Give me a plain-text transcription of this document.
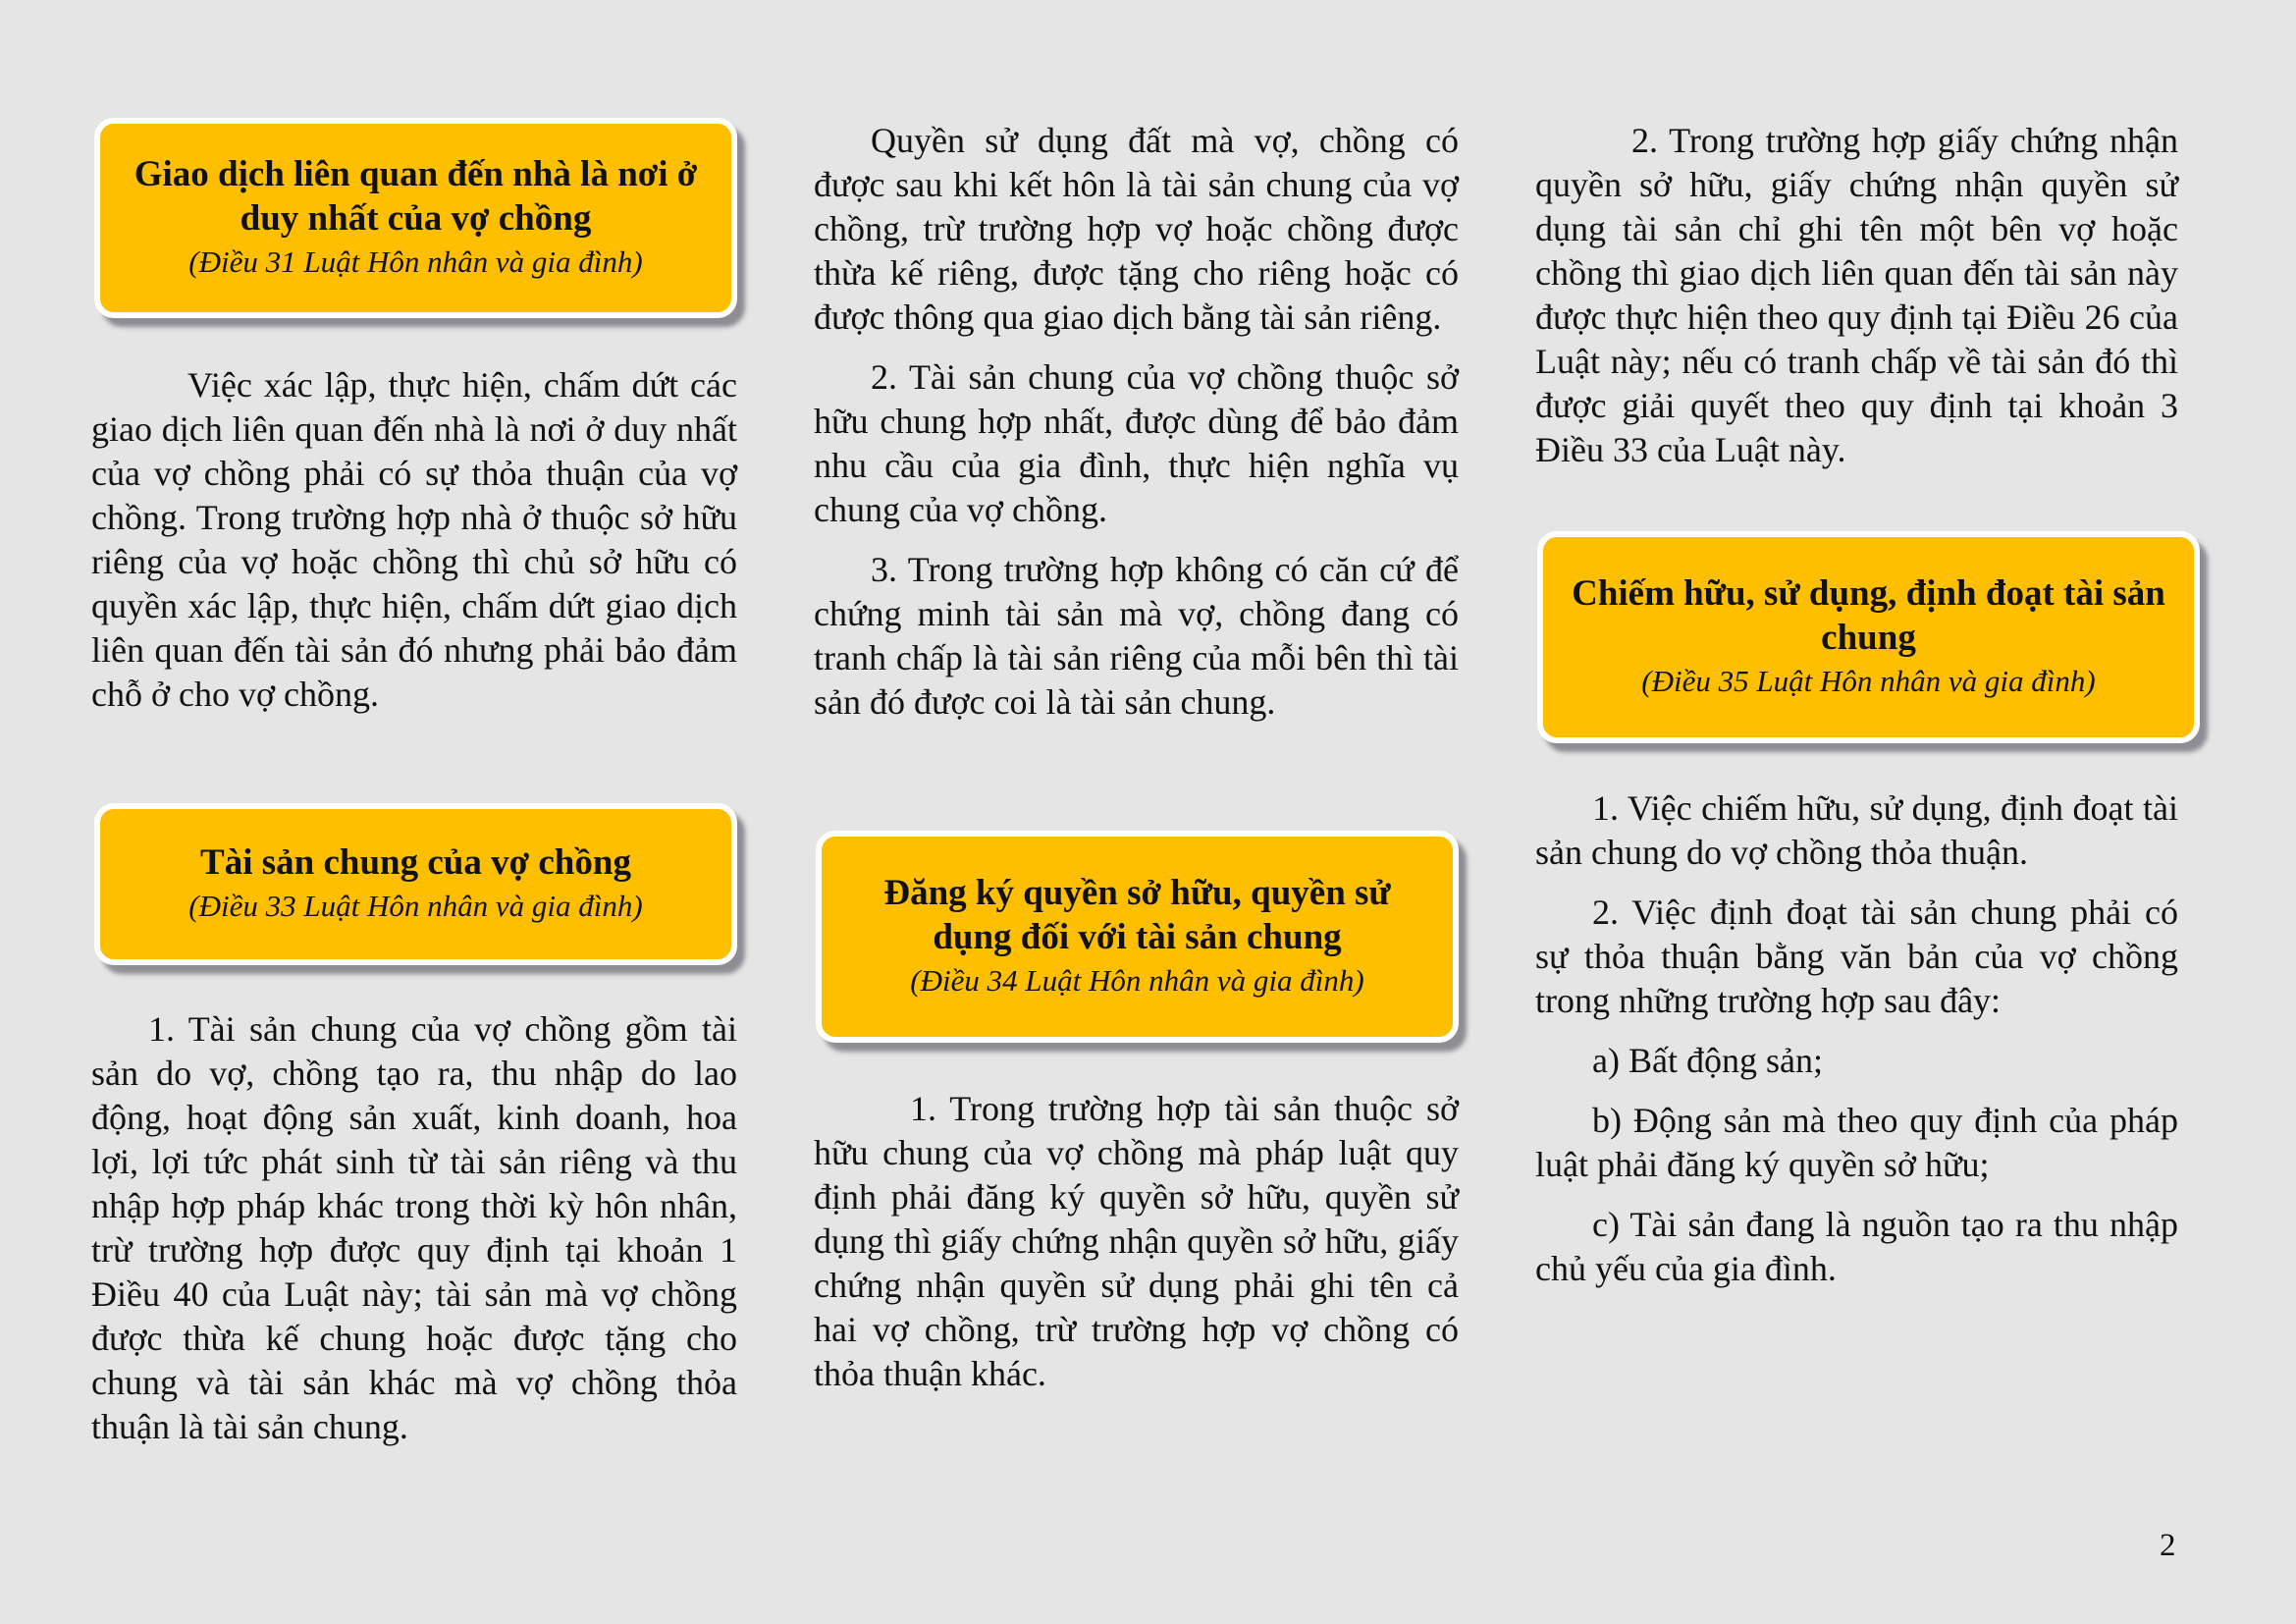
Giao dịch liên quan đến nhà là nơi ở duy nhất của vợ chồng
(Điều 31 Luật Hôn nhân và gia đình)

Việc xác lập, thực hiện, chấm dứt các giao dịch liên quan đến nhà là nơi ở duy nhất của vợ chồng phải có sự thỏa thuận của vợ chồng. Trong trường hợp nhà ở thuộc sở hữu riêng của vợ hoặc chồng thì chủ sở hữu có quyền xác lập, thực hiện, chấm dứt giao dịch liên quan đến tài sản đó nhưng phải bảo đảm chỗ ở cho vợ chồng.

Tài sản chung của vợ chồng
(Điều 33 Luật Hôn nhân và gia đình)

1. Tài sản chung của vợ chồng gồm tài sản do vợ, chồng tạo ra, thu nhập do lao động, hoạt động sản xuất, kinh doanh, hoa lợi, lợi tức phát sinh từ tài sản riêng và thu nhập hợp pháp khác trong thời kỳ hôn nhân, trừ trường hợp được quy định tại khoản 1 Điều 40 của Luật này; tài sản mà vợ chồng được thừa kế chung hoặc được tặng cho chung và tài sản khác mà vợ chồng thỏa thuận là tài sản chung.

Quyền sử dụng đất mà vợ, chồng có được sau khi kết hôn là tài sản chung của vợ chồng, trừ trường hợp vợ hoặc chồng được thừa kế riêng, được tặng cho riêng hoặc có được thông qua giao dịch bằng tài sản riêng.

2. Tài sản chung của vợ chồng thuộc sở hữu chung hợp nhất, được dùng để bảo đảm nhu cầu của gia đình, thực hiện nghĩa vụ chung của vợ chồng.

3. Trong trường hợp không có căn cứ để chứng minh tài sản mà vợ, chồng đang có tranh chấp là tài sản riêng của mỗi bên thì tài sản đó được coi là tài sản chung.

Đăng ký quyền sở hữu, quyền sử dụng đối với tài sản chung
(Điều 34 Luật Hôn nhân và gia đình)

1. Trong trường hợp tài sản thuộc sở hữu chung của vợ chồng mà pháp luật quy định phải đăng ký quyền sở hữu, quyền sử dụng thì giấy chứng nhận quyền sở hữu, giấy chứng nhận quyền sử dụng phải ghi tên cả hai vợ chồng, trừ trường hợp vợ chồng có thỏa thuận khác.

2. Trong trường hợp giấy chứng nhận quyền sở hữu, giấy chứng nhận quyền sử dụng tài sản chỉ ghi tên một bên vợ hoặc chồng thì giao dịch liên quan đến tài sản này được thực hiện theo quy định tại Điều 26 của Luật này; nếu có tranh chấp về tài sản đó thì được giải quyết theo quy định tại khoản 3 Điều 33 của Luật này.

Chiếm hữu, sử dụng, định đoạt tài sản chung
(Điều 35 Luật Hôn nhân và gia đình)

1. Việc chiếm hữu, sử dụng, định đoạt tài sản chung do vợ chồng thỏa thuận.

2. Việc định đoạt tài sản chung phải có sự thỏa thuận bằng văn bản của vợ chồng trong những trường hợp sau đây:

a) Bất động sản;

b) Động sản mà theo quy định của pháp luật phải đăng ký quyền sở hữu;

c) Tài sản đang là nguồn tạo ra thu nhập chủ yếu của gia đình.

2
